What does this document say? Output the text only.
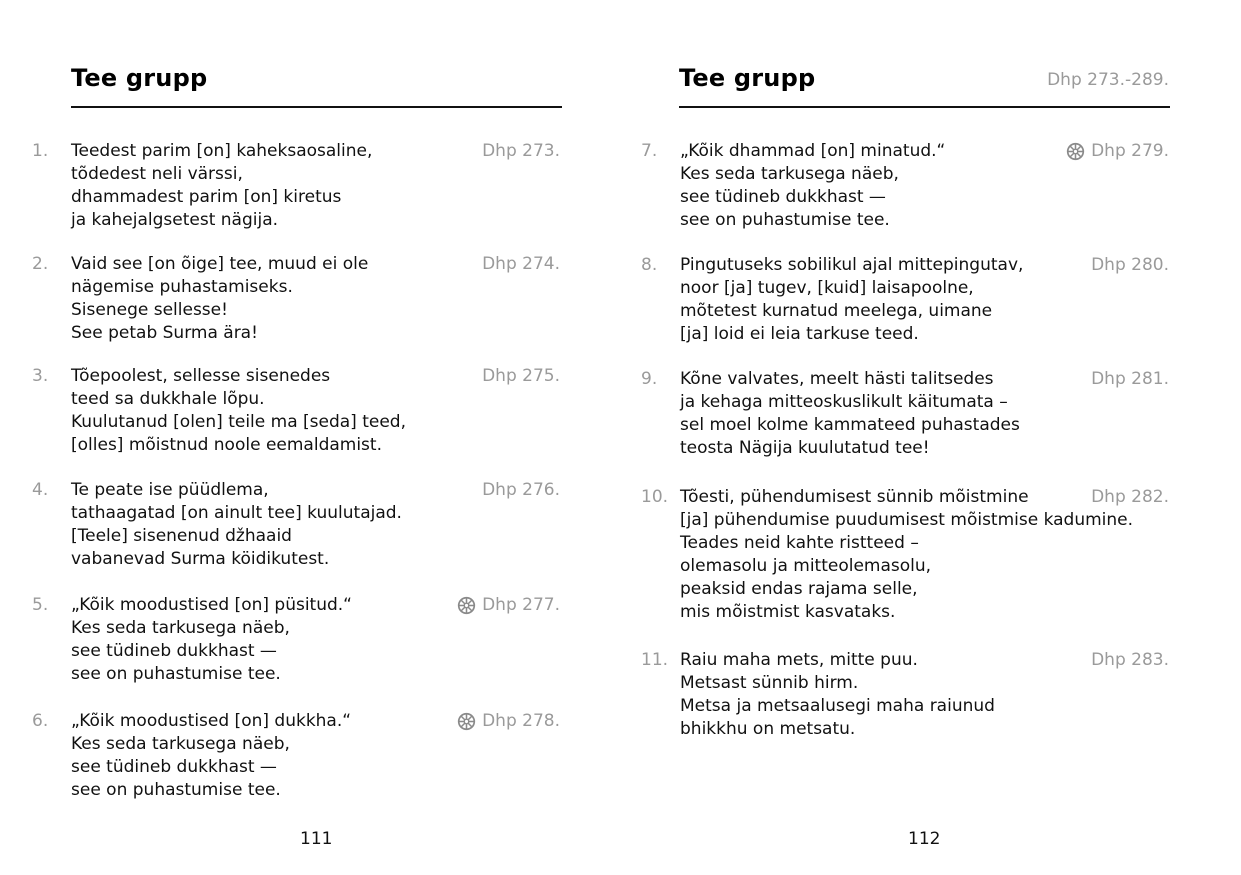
Tee grupp
1. Teedest parim [on] kaheksaosaline,
tõdedest neli värssi,
dhammadest parim [on] kiretus
ja kahejalgsetest nägija.
Dhp 273.
2. Vaid see [on õige] tee, muud ei ole
nägemise puhastamiseks.
Sisenege sellesse!
See petab Surma ära!
Dhp 274.
3. Tõepoolest, sellesse sisenedes
teed sa dukkhale lõpu.
Kuulutanud [olen] teile ma [seda] teed,
[olles] mõistnud noole eemaldamist.
Dhp 275.
4. Te peate ise püüdlema,
tathaagatad [on ainult tee] kuulutajad.
[Teele] sisenenud džhaaid
vabanevad Surma köidikutest.
Dhp 276.
5. „Kõik moodustised [on] püsitud.“
Kes seda tarkusega näeb,
see tüdineb dukkhast —
see on puhastumise tee.
Dhp 277.
6. „Kõik moodustised [on] dukkha.“
Kes seda tarkusega näeb,
see tüdineb dukkhast —
see on puhastumise tee.
Dhp 278.
111
Tee grupp	Dhp 273.-289.
7. „Kõik dhammad [on] minatud.“
Kes seda tarkusega näeb,
see tüdineb dukkhast —
see on puhastumise tee.
Dhp 279.
8. Pingutuseks sobilikul ajal mittepingutav,
noor [ja] tugev, [kuid] laisapoolne,
mõtetest kurnatud meelega, uimane
[ja] loid ei leia tarkuse teed.
Dhp 280.
9. Kõne valvates, meelt hästi talitsedes
ja kehaga mitteoskuslikult käitumata –
sel moel kolme kammateed puhastades
teosta Nägija kuulutatud tee!
Dhp 281.
10. Tõesti, pühendumisest sünnib mõistmine
[ja] pühendumise puudumisest mõistmise kadumine.
Teades neid kahte ristteed –
olemasolu ja mitteolemasolu,
peaksid endas rajama selle,
mis mõistmist kasvataks.
Dhp 282.
11. Raiu maha mets, mitte puu.
Metsast sünnib hirm.
Metsa ja metsaalusegi maha raiunud
bhikkhu on metsatu.
Dhp 283.
112
